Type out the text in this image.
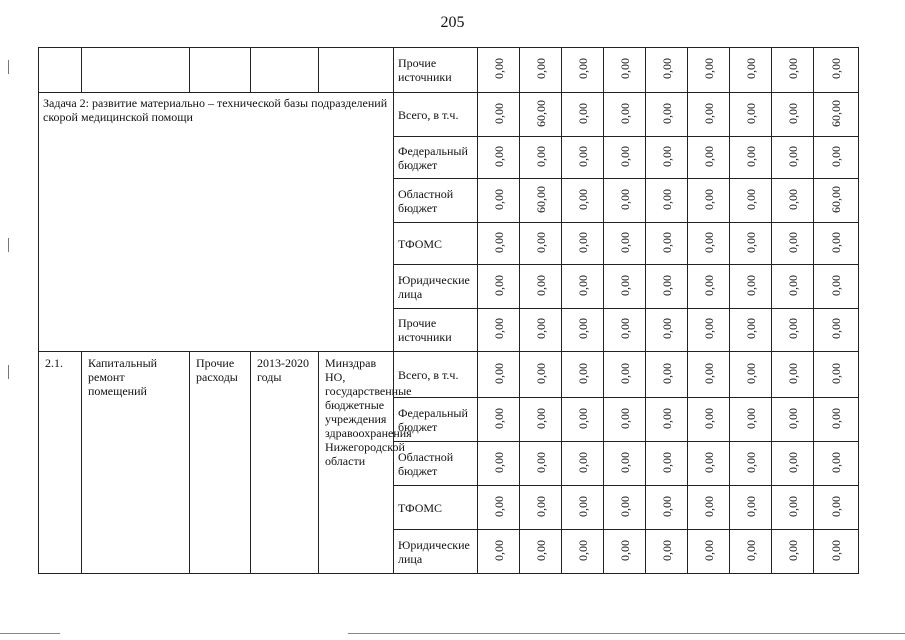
205
					Прочие источники	0,00	0,00	0,00	0,00	0,00	0,00	0,00	0,00	0,00

Задача 2: развитие материально – технической базы подразделений скорой медицинской помощи					Всего, в т.ч.	0,00	60,00	0,00	0,00	0,00	0,00	0,00	0,00	60,00
					Федеральный бюджет	0,00	0,00	0,00	0,00	0,00	0,00	0,00	0,00	0,00
					Областной бюджет	0,00	60,00	0,00	0,00	0,00	0,00	0,00	0,00	60,00
					ТФОМС	0,00	0,00	0,00	0,00	0,00	0,00	0,00	0,00	0,00
					Юридические лица	0,00	0,00	0,00	0,00	0,00	0,00	0,00	0,00	0,00
					Прочие источники	0,00	0,00	0,00	0,00	0,00	0,00	0,00	0,00	0,00
2.1.	Капитальный ремонт помещений	Прочие расходы	2013-2020 годы	Минздрав НО, государственные бюджетные учреждения здравоохранения Нижегородской области	Всего, в т.ч.	0,00	0,00	0,00	0,00	0,00	0,00	0,00	0,00	0,00
					Федеральный бюджет	0,00	0,00	0,00	0,00	0,00	0,00	0,00	0,00	0,00
					Областной бюджет	0,00	0,00	0,00	0,00	0,00	0,00	0,00	0,00	0,00
					ТФОМС	0,00	0,00	0,00	0,00	0,00	0,00	0,00	0,00	0,00
					Юридические лица	0,00	0,00	0,00	0,00	0,00	0,00	0,00	0,00	0,00
